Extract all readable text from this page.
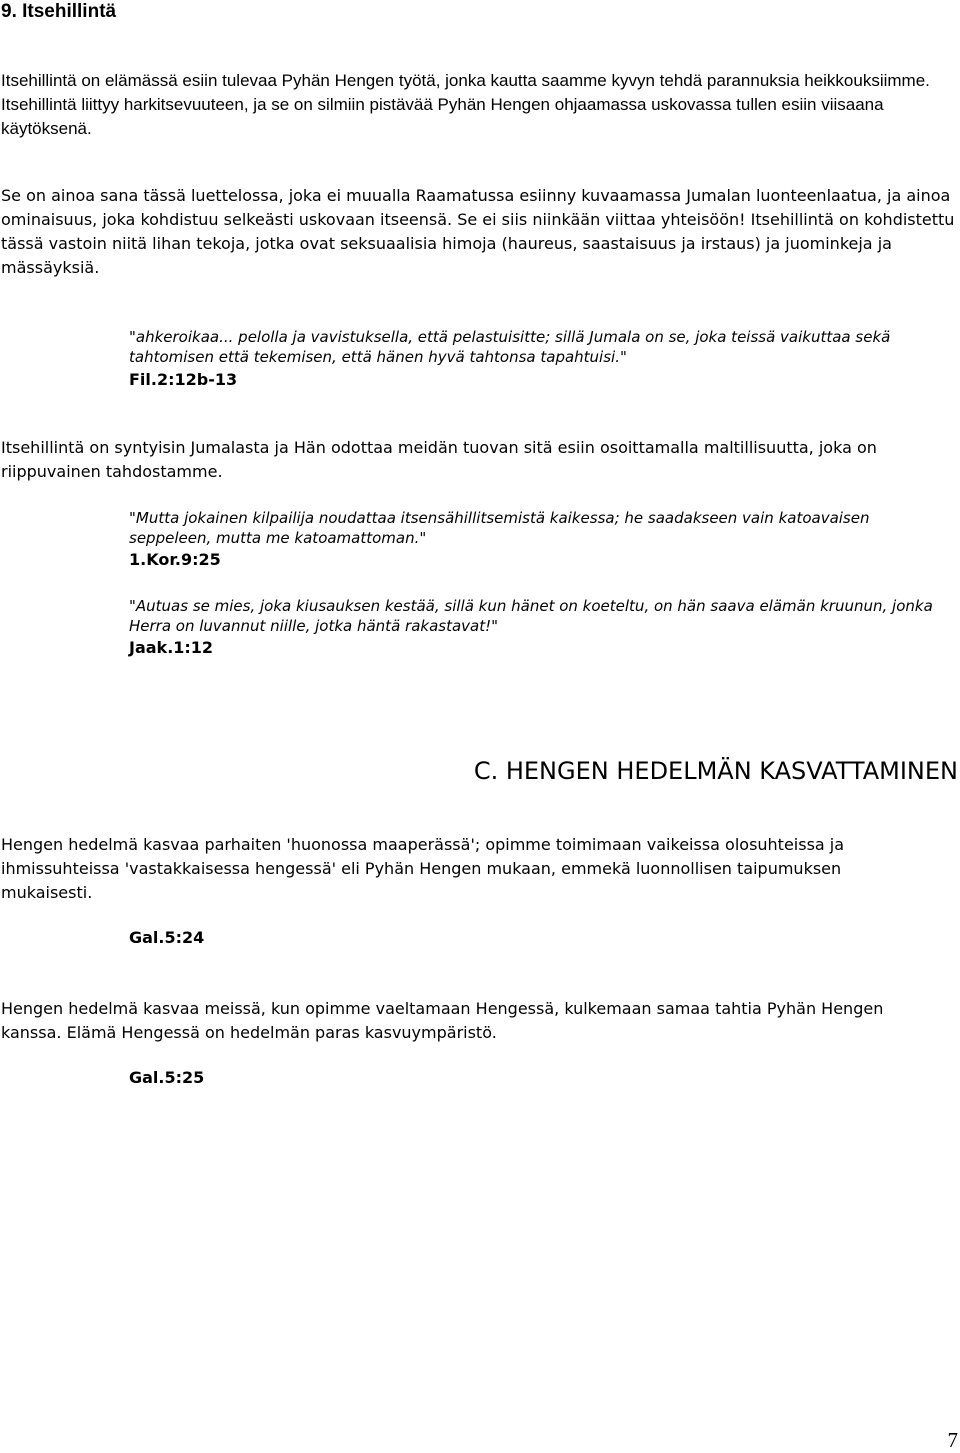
9. Itsehillintä

Itsehillintä on elämässä esiin tulevaa Pyhän Hengen työtä, jonka kautta saamme kyvyn tehdä parannuksia heikkouksiimme. Itsehillintä liittyy harkitsevuuteen, ja se on silmiin pistävää Pyhän Hengen ohjaamassa uskovassa tullen esiin viisaana käytöksenä.

Se on ainoa sana tässä luettelossa, joka ei muualla Raamatussa esiinny kuvaamassa Jumalan luonteenlaatua, ja ainoa ominaisuus, joka kohdistuu selkeästi uskovaan itseensä. Se ei siis niinkään viittaa yhteisöön! Itsehillintä on kohdistettu tässä vastoin niitä lihan tekoja, jotka ovat seksuaalisia himoja (haureus, saastaisuus ja irstaus) ja juominkeja ja mässäyksiä.

"ahkeroikaa... pelolla ja vavistuksella, että pelastuisitte; sillä Jumala on se, joka teissä vaikuttaa sekä tahtomisen että tekemisen, että hänen hyvä tahtonsa tapahtuisi."

Fil.2:12b-13

Itsehillintä on syntyisin Jumalasta ja Hän odottaa meidän tuovan sitä esiin osoittamalla maltillisuutta, joka on riippuvainen tahdostamme.

"Mutta jokainen kilpailija noudattaa itsensähillitsemistä kaikessa; he saadakseen vain katoavaisen seppeleen, mutta me katoamattoman."

1.Kor.9:25

"Autuas se mies, joka kiusauksen kestää, sillä kun hänet on koeteltu, on hän saava elämän kruunun, jonka Herra on luvannut niille, jotka häntä rakastavat!"

Jaak.1:12
C. HENGEN HEDELMÄN KASVATTAMINEN

Hengen hedelmä kasvaa parhaiten 'huonossa maaperässä'; opimme toimimaan vaikeissa olosuhteissa ja ihmissuhteissa 'vastakkaisessa hengessä' eli Pyhän Hengen mukaan, emmekä luonnollisen taipumuksen mukaisesti.

Gal.5:24

Hengen hedelmä kasvaa meissä, kun opimme vaeltamaan Hengessä, kulkemaan samaa tahtia Pyhän Hengen kanssa. Elämä Hengessä on hedelmän paras kasvuympäristö.

Gal.5:25
7
